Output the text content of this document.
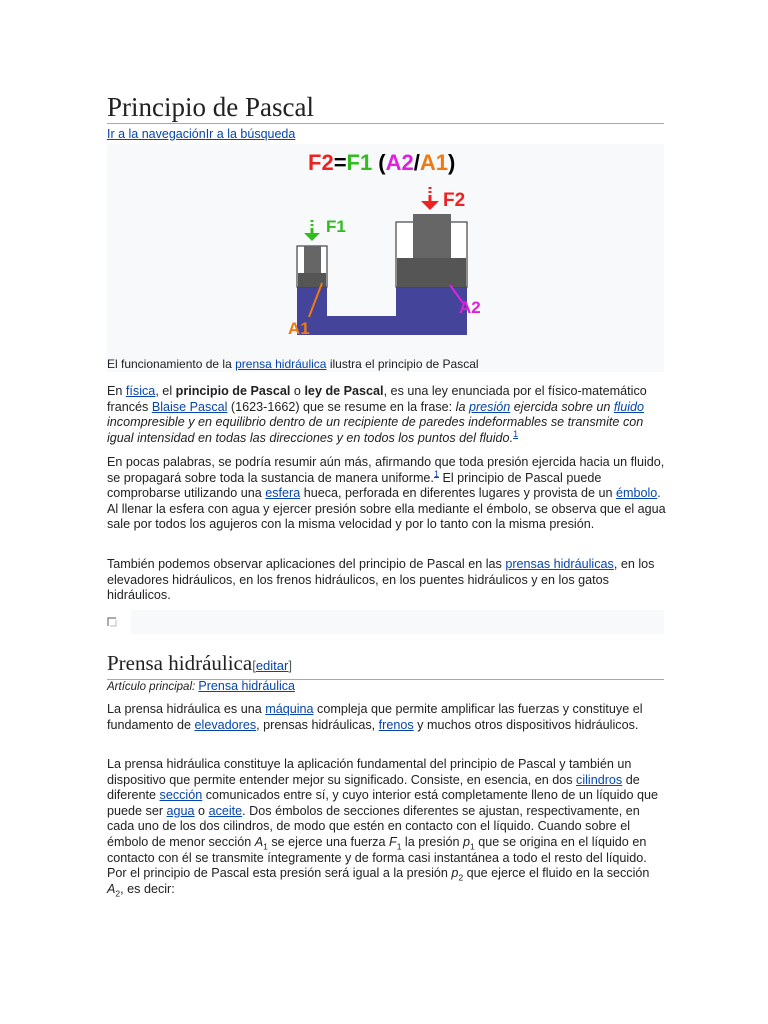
Principio de Pascal
Ir a la navegaciónIr a la búsqueda
F2=F1 (A2/A1)
F1
F2
A1
A2
El funcionamiento de la prensa hidráulica ilustra el principio de Pascal

En física, el principio de Pascal o ley de Pascal, es una ley enunciada por el físico-matemático francés Blaise Pascal (1623-1662) que se resume en la frase: la presión ejercida sobre un fluido incompresible y en equilibrio dentro de un recipiente de paredes indeformables se transmite con igual intensidad en todas las direcciones y en todos los puntos del fluido.$^1$

En pocas palabras, se podría resumir aún más, afirmando que toda presión ejercida hacia un fluido, se propagará sobre toda la sustancia de manera uniforme.$^1$ El principio de Pascal puede comprobarse utilizando una esfera hueca, perforada en diferentes lugares y provista de un émbolo. Al llenar la esfera con agua y ejercer presión sobre ella mediante el émbolo, se observa que el agua sale por todos los agujeros con la misma velocidad y por lo tanto con la misma presión.

También podemos observar aplicaciones del principio de Pascal en las prensas hidráulicas, en los elevadores hidráulicos, en los frenos hidráulicos, en los puentes hidráulicos y en los gatos hidráulicos.

Prensa hidráulica[editar]
Artículo principal: Prensa hidráulica

La prensa hidráulica es una máquina compleja que permite amplificar las fuerzas y constituye el fundamento de elevadores, prensas hidráulicas, frenos y muchos otros dispositivos hidráulicos.

La prensa hidráulica constituye la aplicación fundamental del principio de Pascal y también un dispositivo que permite entender mejor su significado. Consiste, en esencia, en dos cilindros de diferente sección comunicados entre sí, y cuyo interior está completamente lleno de un líquido que puede ser agua o aceite. Dos émbolos de secciones diferentes se ajustan, respectivamente, en cada uno de los dos cilindros, de modo que estén en contacto con el líquido. Cuando sobre el émbolo de menor sección $A_1$ se ejerce una fuerza $F_1$ la presión $p_1$ que se origina en el líquido en contacto con él se transmite íntegramente y de forma casi instantánea a todo el resto del líquido. Por el principio de Pascal esta presión será igual a la presión $p_2$ que ejerce el fluido en la sección $A_2$, es decir:
